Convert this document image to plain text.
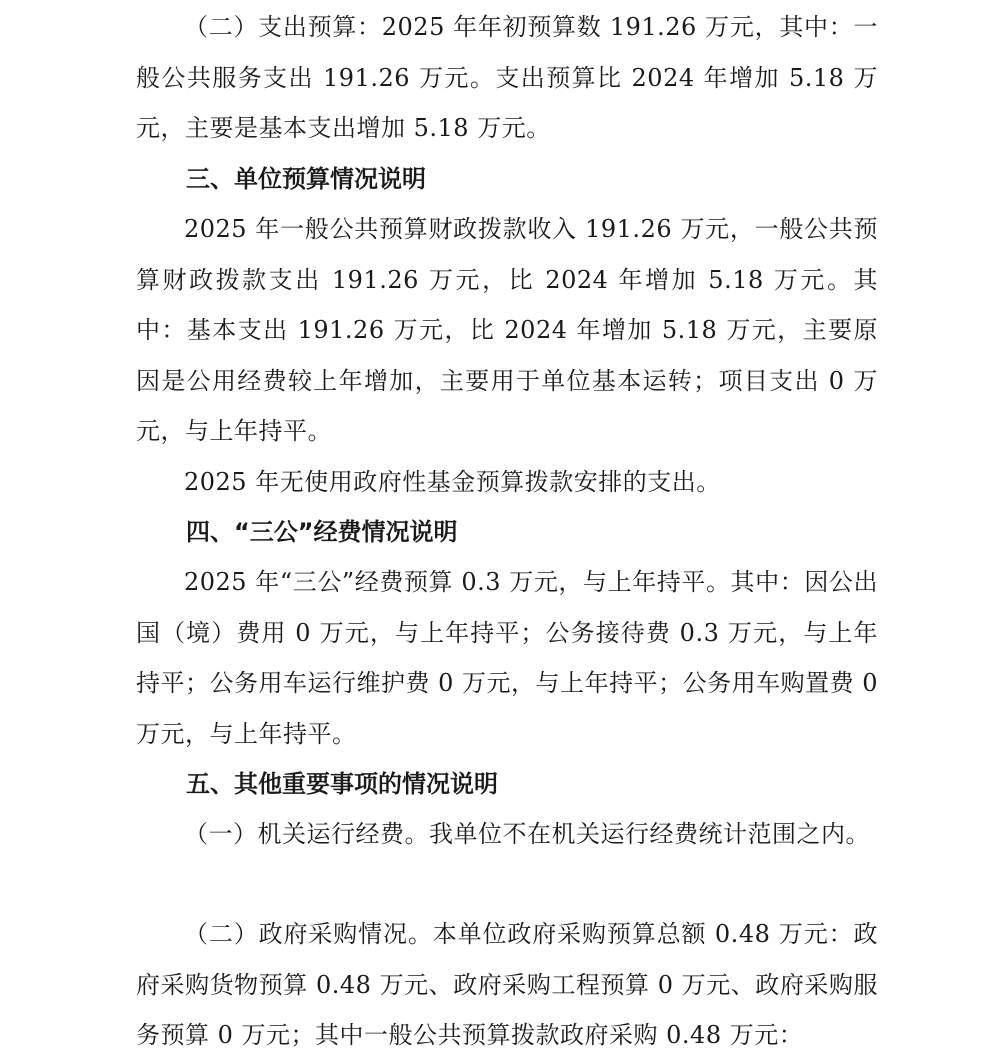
（二）支出预算：2025 年年初预算数 191.26 万元，其中：一般公共服务支出 191.26 万元。支出预算比 2024 年增加 5.18 万元，主要是基本支出增加 5.18 万元。

三、单位预算情况说明

2025 年一般公共预算财政拨款收入 191.26 万元，一般公共预算财政拨款支出 191.26 万元，比 2024 年增加 5.18 万元。其中：基本支出 191.26 万元，比 2024 年增加 5.18 万元，主要原因是公用经费较上年增加，主要用于单位基本运转；项目支出 0 万元，与上年持平。

2025 年无使用政府性基金预算拨款安排的支出。

四、“三公”经费情况说明

2025 年“三公”经费预算 0.3 万元，与上年持平。其中：因公出国（境）费用 0 万元，与上年持平；公务接待费 0.3 万元，与上年持平；公务用车运行维护费 0 万元，与上年持平；公务用车购置费 0 万元，与上年持平。

五、其他重要事项的情况说明

（一）机关运行经费。我单位不在机关运行经费统计范围之内。

（二）政府采购情况。本单位政府采购预算总额 0.48 万元：政府采购货物预算 0.48 万元、政府采购工程预算 0 万元、政府采购服务预算 0 万元；其中一般公共预算拨款政府采购 0.48 万元：
